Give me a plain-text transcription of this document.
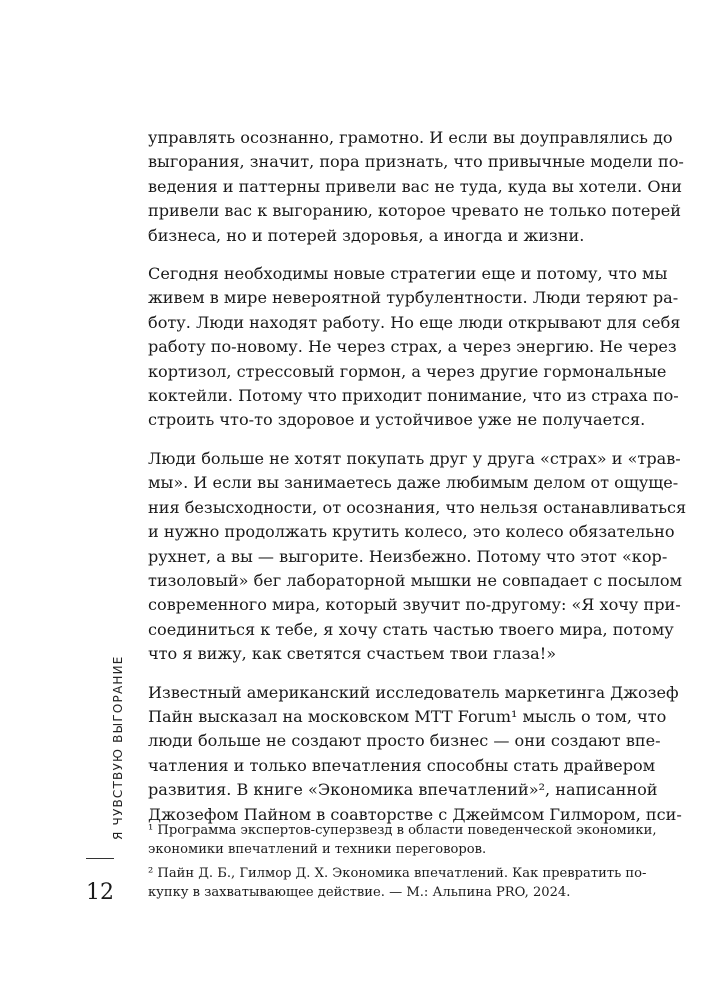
управлять осознанно, грамотно. И если вы доуправлялись до
выгорания, значит, пора признать, что привычные модели по-
ведения и паттерны привели вас не туда, куда вы хотели. Они
привели вас к выгоранию, которое чревато не только потерей
бизнеса, но и потерей здоровья, а иногда и жизни.

Сегодня необходимы новые стратегии еще и потому, что мы
живем в мире невероятной турбулентности. Люди теряют ра-
боту. Люди находят работу. Но еще люди открывают для себя
работу по-новому. Не через страх, а через энергию. Не через
кортизол, стрессовый гормон, а через другие гормональные
коктейли. Потому что приходит понимание, что из страха по-
строить что-то здоровое и устойчивое уже не получается.

Люди больше не хотят покупать друг у друга «страх» и «трав-
мы». И если вы занимаетесь даже любимым делом от ощуще-
ния безысходности, от осознания, что нельзя останавливаться
и нужно продолжать крутить колесо, это колесо обязательно
рухнет, а вы — выгорите. Неизбежно. Потому что этот «кор-
тизоловый» бег лабораторной мышки не совпадает с посылом
современного мира, который звучит по-другому: «Я хочу при-
соединиться к тебе, я хочу стать частью твоего мира, потому
что я вижу, как светятся счастьем твои глаза!»

Известный американский исследователь маркетинга Джозеф
Пайн высказал на московском MTT Forum¹ мысль о том, что
люди больше не создают просто бизнес — они создают впе-
чатления и только впечатления способны стать драйвером
развития. В книге «Экономика впечатлений»², написанной
Джозефом Пайном в соавторстве с Джеймсом Гилмором, пси-

¹ Программа экспертов-суперзвезд в области поведенческой экономики,
экономики впечатлений и техники переговоров.

² Пайн Д. Б., Гилмор Д. Х. Экономика впечатлений. Как превратить по-
купку в захватывающее действие. — М.: Альпина PRO, 2024.

Я ЧУВСТВУЮ ВЫГОРАНИЕ
12
